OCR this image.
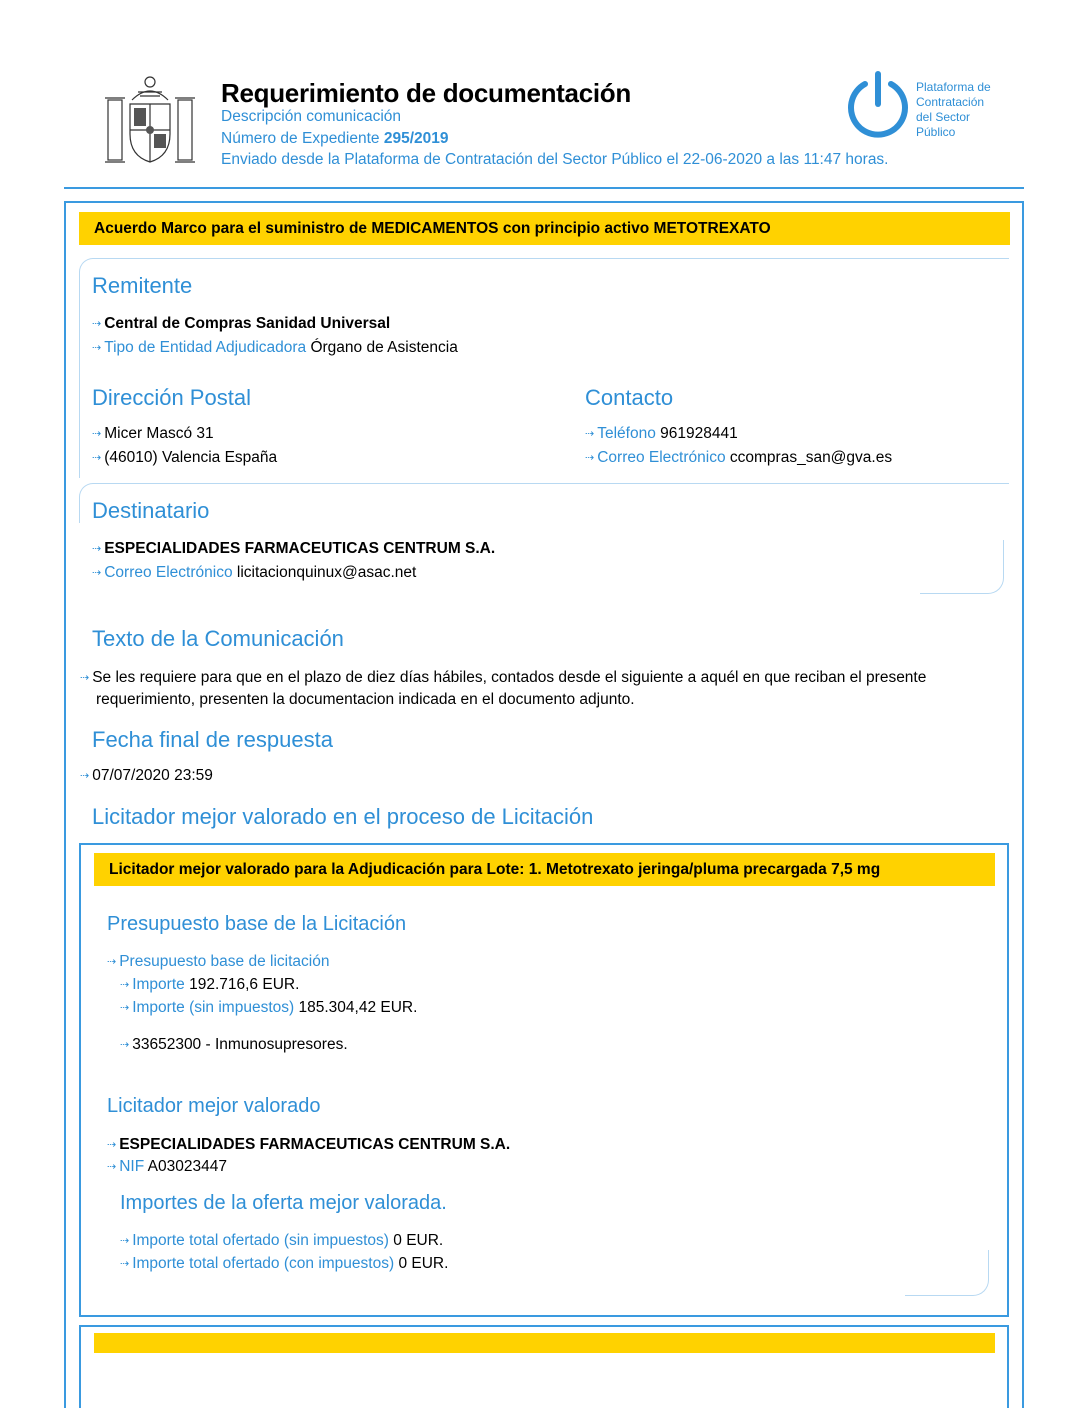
Requerimiento de documentación
Descripción comunicación
Número de Expediente 295/2019
Enviado desde la Plataforma de Contratación del Sector Público el 22-06-2020 a las 11:47 horas.
Plataforma de
Contratación
del Sector
Público
Acuerdo Marco para el suministro de MEDICAMENTOS con principio activo METOTREXATO
Remitente
⇢ Central de Compras Sanidad Universal
⇢ Tipo de Entidad Adjudicadora Órgano de Asistencia
Dirección Postal
⇢ Micer Mascó 31
⇢ (46010) Valencia España
Contacto
⇢ Teléfono 961928441
⇢ Correo Electrónico ccompras_san@gva.es
Destinatario
⇢ ESPECIALIDADES FARMACEUTICAS CENTRUM S.A.
⇢ Correo Electrónico licitacionquinux@asac.net
Texto de la Comunicación
⇢ Se les requiere para que en el plazo de diez días hábiles, contados desde el siguiente a aquél en que reciban el presente
requerimiento, presenten la documentacion indicada en el documento adjunto.
Fecha final de respuesta
⇢ 07/07/2020 23:59
Licitador mejor valorado en el proceso de Licitación
Licitador mejor valorado para la Adjudicación para Lote: 1. Metotrexato jeringa/pluma precargada 7,5 mg
Presupuesto base de la Licitación
⇢ Presupuesto base de licitación
⇢ Importe 192.716,6 EUR.
⇢ Importe (sin impuestos) 185.304,42 EUR.
⇢ 33652300 - Inmunosupresores.
Licitador mejor valorado
⇢ ESPECIALIDADES FARMACEUTICAS CENTRUM S.A.
⇢ NIF A03023447
Importes de la oferta mejor valorada.
⇢ Importe total ofertado (sin impuestos) 0 EUR.
⇢ Importe total ofertado (con impuestos) 0 EUR.
